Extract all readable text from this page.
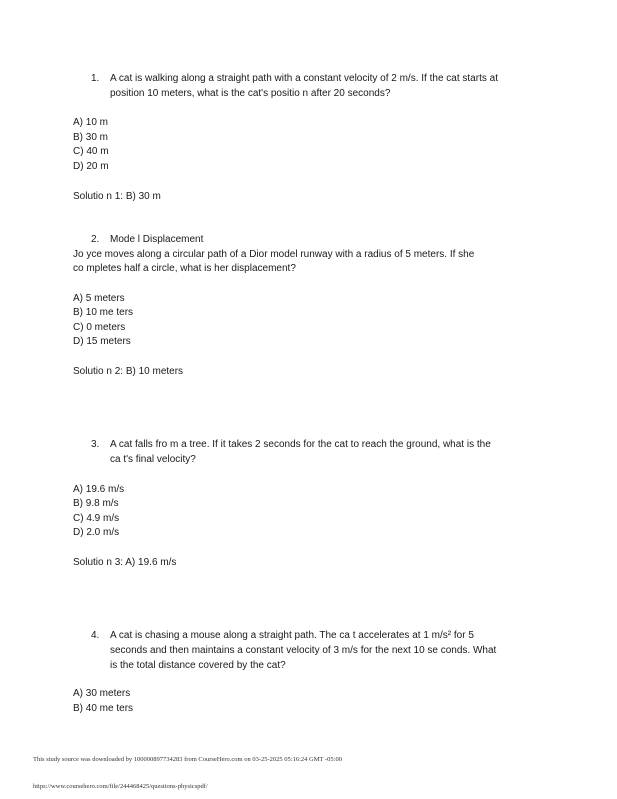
1. A cat is walking along a straight path with a constant velocity of 2 m/s. If the cat starts at
position 10 meters, what is the cat's positio n after 20 seconds?
A) 10 m
B) 30 m
C) 40 m
D) 20 m
Solutio n 1: B) 30 m
2. Mode l Displacement
Jo yce moves along a circular path of a Dior model runway with a radius of 5 meters. If she
co mpletes half a circle, what is her displacement?
A) 5 meters
B) 10 me ters
C) 0 meters
D) 15 meters
Solutio n 2: B) 10 meters
3. A cat falls fro m a tree. If it takes 2 seconds for the cat to reach the ground, what is the
ca t's final velocity?
A) 19.6 m/s
B) 9.8 m/s
C) 4.9 m/s
D) 2.0 m/s
Solutio n 3: A) 19.6 m/s
4. A cat is chasing a mouse along a straight path. The ca t accelerates at 1 m/s² for 5
seconds and then maintains a constant velocity of 3 m/s for the next 10 se conds. What
is the total distance covered by the cat?
A) 30 meters
B) 40 me ters
This study source was downloaded by 100000897734283 from CourseHero.com on 03-25-2025 05:16:24 GMT -05:00
https://www.coursehero.com/file/244468425/questions-physicspdf/
